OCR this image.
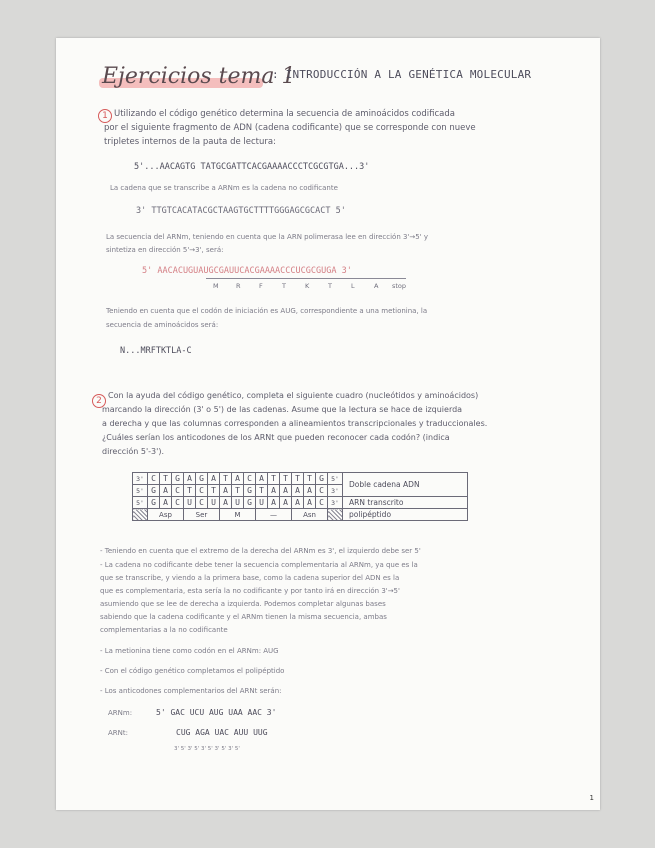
Ejercicios tema 1
: INTRODUCCIÓN A LA GENÉTICA MOLECULAR
1 Utilizando el código genético determina la secuencia de aminoácidos codificada
por el siguiente fragmento de ADN (cadena codificante) que se corresponde con nueve
tripletes internos de la pauta de lectura:
5'...AACAGTG TATGCGATTCACGAAAACCCTCGCGTGA...3'
La cadena que se transcribe a ARNm es la cadena no codificante
3' TTGTCACATACGCTAAGTGCTTTTGGGAGCGCACT 5'
La secuencia del ARNm, teniendo en cuenta que la ARN polimerasa lee en dirección 3'→5' y
sintetiza en dirección 5'→3', será:
5' AACACUGUAUGCGAUUCACGAAAACCCUCGCGUGA 3'
M	R	F	T	K	T	L	A stop
Teniendo en cuenta que el codón de iniciación es AUG, correspondiente a una metionina, la
secuencia de aminoácidos será:
N...MRFTKTLA-C
2
Con la ayuda del código genético, completa el siguiente cuadro (nucleótidos y aminoácidos)
marcando la dirección (3' o 5') de las cadenas. Asume que la lectura se hace de izquierda
a derecha y que las columnas corresponden a alineamientos transcripcionales y traduccionales.
¿Cuáles serían los anticodones de los ARNt que pueden reconocer cada codón? (indica
dirección 5'-3').
3'	C	T	G	A	G	A	T	A	C	A	T	T	T	T	G	5'	Doble cadena ADN
5'	G	A	C	T	C	T	A	T	G	T	A	A	A	A	C	3'	
5'	G	A	C	U	C	U	A	U	G	U	A	A	A	A	C	3'	ARN transcrito
	Asp			Ser			M			—			Asn				polipéptido
- Teniendo en cuenta que el extremo de la derecha del ARNm es 3', el izquierdo debe ser 5'
- La cadena no codificante debe tener la secuencia complementaria al ARNm, ya que es la
que se transcribe, y viendo a la primera base, como la cadena superior del ADN es la
que es complementaria, esta sería la no codificante y por tanto irá en dirección 3'→5'
asumiendo que se lee de derecha a izquierda. Podemos completar algunas bases
sabiendo que la cadena codificante y el ARNm tienen la misma secuencia, ambas
complementarias a la no codificante
- La metionina tiene como codón en el ARNm: AUG
- Con el código genético completamos el polipéptido
- Los anticodones complementarios del ARNt serán:
ARNm:	5' GAC UCU AUG UAA AAC 3'
ARNt:	CUG AGA UAC AUU UUG
3' 5' 3' 5' 3' 5' 3' 5' 3' 5'
1
